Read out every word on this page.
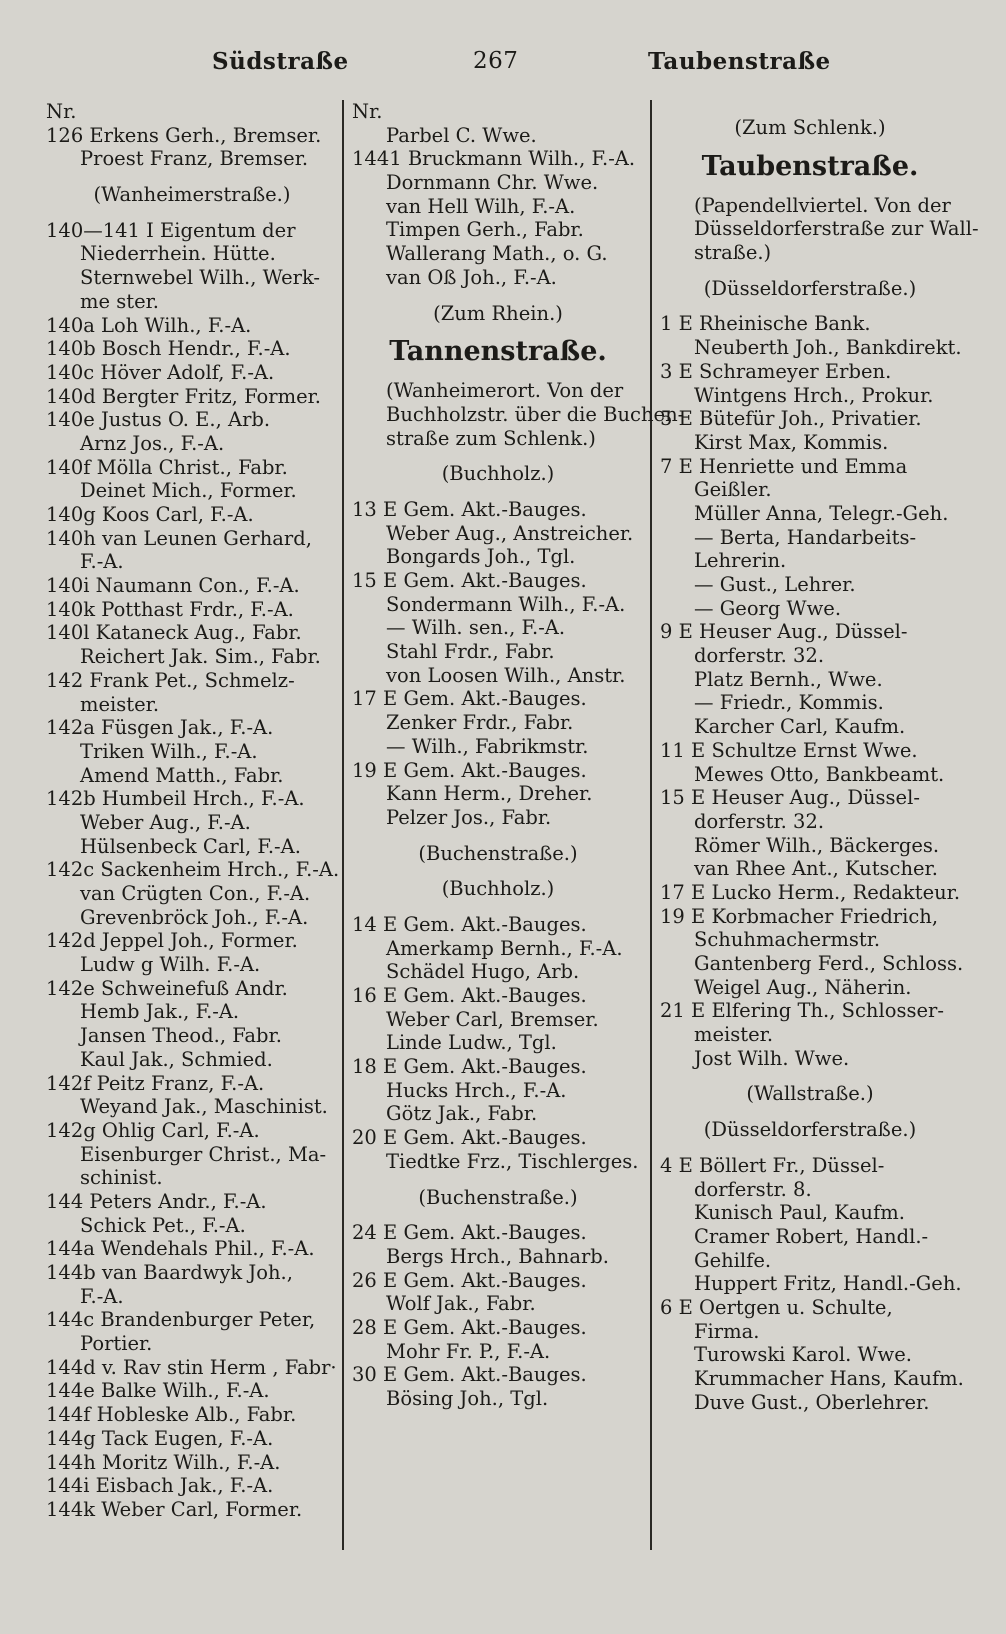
Südstraße	267	Taubenstraße
Nr.
126 Erkens Gerh., Bremser.
Proest Franz, Bremser.
(Wanheimerstraße.)
140—141 I Eigentum der
Niederrhein. Hütte.
Sternwebel Wilh., Werk-
me ster.
140a Loh Wilh., F.-A.
140b Bosch Hendr., F.-A.
140c Höver Adolf, F.-A.
140d Bergter Fritz, Former.
140e Justus O. E., Arb.
Arnz Jos., F.-A.
140f Mölla Christ., Fabr.
Deinet Mich., Former.
140g Koos Carl, F.-A.
140h van Leunen Gerhard,
F.-A.
140i Naumann Con., F.-A.
140k Potthast Frdr., F.-A.
140l Kataneck Aug., Fabr.
Reichert Jak. Sim., Fabr.
142 Frank Pet., Schmelz-
meister.
142a Füsgen Jak., F.-A.
Triken Wilh., F.-A.
Amend Matth., Fabr.
142b Humbeil Hrch., F.-A.
Weber Aug., F.-A.
Hülsenbeck Carl, F.-A.
142c Sackenheim Hrch., F.-A.
van Crügten Con., F.-A.
Grevenbröck Joh., F.-A.
142d Jeppel Joh., Former.
Ludw g Wilh. F.-A.
142e Schweinefuß Andr.
Hemb Jak., F.-A.
Jansen Theod., Fabr.
Kaul Jak., Schmied.
142f Peitz Franz, F.-A.
Weyand Jak., Maschinist.
142g Ohlig Carl, F.-A.
Eisenburger Christ., Ma-
schinist.
144 Peters Andr., F.-A.
Schick Pet., F.-A.
144a Wendehals Phil., F.-A.
144b van Baardwyk Joh.,
F.-A.
144c Brandenburger Peter,
Portier.
144d v. Rav stin Herm , Fabr·
144e Balke Wilh., F.-A.
144f Hobleske Alb., Fabr.
144g Tack Eugen, F.-A.
144h Moritz Wilh., F.-A.
144i Eisbach Jak., F.-A.
144k Weber Carl, Former.
Nr.
Parbel C. Wwe.
1441 Bruckmann Wilh., F.-A.
Dornmann Chr. Wwe.
van Hell Wilh, F.-A.
Timpen Gerh., Fabr.
Wallerang Math., o. G.
van Oß Joh., F.-A.
(Zum Rhein.)
Tannenstraße.
(Wanheimerort. Von der
Buchholzstr. über die Buchen-
straße zum Schlenk.)
(Buchholz.)
13 E Gem. Akt.-Bauges.
Weber Aug., Anstreicher.
Bongards Joh., Tgl.
15 E Gem. Akt.-Bauges.
Sondermann Wilh., F.-A.
— Wilh. sen., F.-A.
Stahl Frdr., Fabr.
von Loosen Wilh., Anstr.
17 E Gem. Akt.-Bauges.
Zenker Frdr., Fabr.
— Wilh., Fabrikmstr.
19 E Gem. Akt.-Bauges.
Kann Herm., Dreher.
Pelzer Jos., Fabr.
(Buchenstraße.)
(Buchholz.)
14 E Gem. Akt.-Bauges.
Amerkamp Bernh., F.-A.
Schädel Hugo, Arb.
16 E Gem. Akt.-Bauges.
Weber Carl, Bremser.
Linde Ludw., Tgl.
18 E Gem. Akt.-Bauges.
Hucks Hrch., F.-A.
Götz Jak., Fabr.
20 E Gem. Akt.-Bauges.
Tiedtke Frz., Tischlerges.
(Buchenstraße.)
24 E Gem. Akt.-Bauges.
Bergs Hrch., Bahnarb.
26 E Gem. Akt.-Bauges.
Wolf Jak., Fabr.
28 E Gem. Akt.-Bauges.
Mohr Fr. P., F.-A.
30 E Gem. Akt.-Bauges.
Bösing Joh., Tgl.
(Zum Schlenk.)
Taubenstraße.
(Papendellviertel. Von der
Düsseldorferstraße zur Wall-
straße.)
(Düsseldorferstraße.)
1 E Rheinische Bank.
Neuberth Joh., Bankdirekt.
3 E Schrameyer Erben.
Wintgens Hrch., Prokur.
5 E Bütefür Joh., Privatier.
Kirst Max, Kommis.
7 E Henriette und Emma
Geißler.
Müller Anna, Telegr.-Geh.
— Berta, Handarbeits-
Lehrerin.
— Gust., Lehrer.
— Georg Wwe.
9 E Heuser Aug., Düssel-
dorferstr. 32.
Platz Bernh., Wwe.
— Friedr., Kommis.
Karcher Carl, Kaufm.
11 E Schultze Ernst Wwe.
Mewes Otto, Bankbeamt.
15 E Heuser Aug., Düssel-
dorferstr. 32.
Römer Wilh., Bäckerges.
van Rhee Ant., Kutscher.
17 E Lucko Herm., Redakteur.
19 E Korbmacher Friedrich,
Schuhmachermstr.
Gantenberg Ferd., Schloss.
Weigel Aug., Näherin.
21 E Elfering Th., Schlosser-
meister.
Jost Wilh. Wwe.
(Wallstraße.)
(Düsseldorferstraße.)
4 E Böllert Fr., Düssel-
dorferstr. 8.
Kunisch Paul, Kaufm.
Cramer Robert, Handl.-
Gehilfe.
Huppert Fritz, Handl.-Geh.
6 E Oertgen u. Schulte,
Firma.
Turowski Karol. Wwe.
Krummacher Hans, Kaufm.
Duve Gust., Oberlehrer.
